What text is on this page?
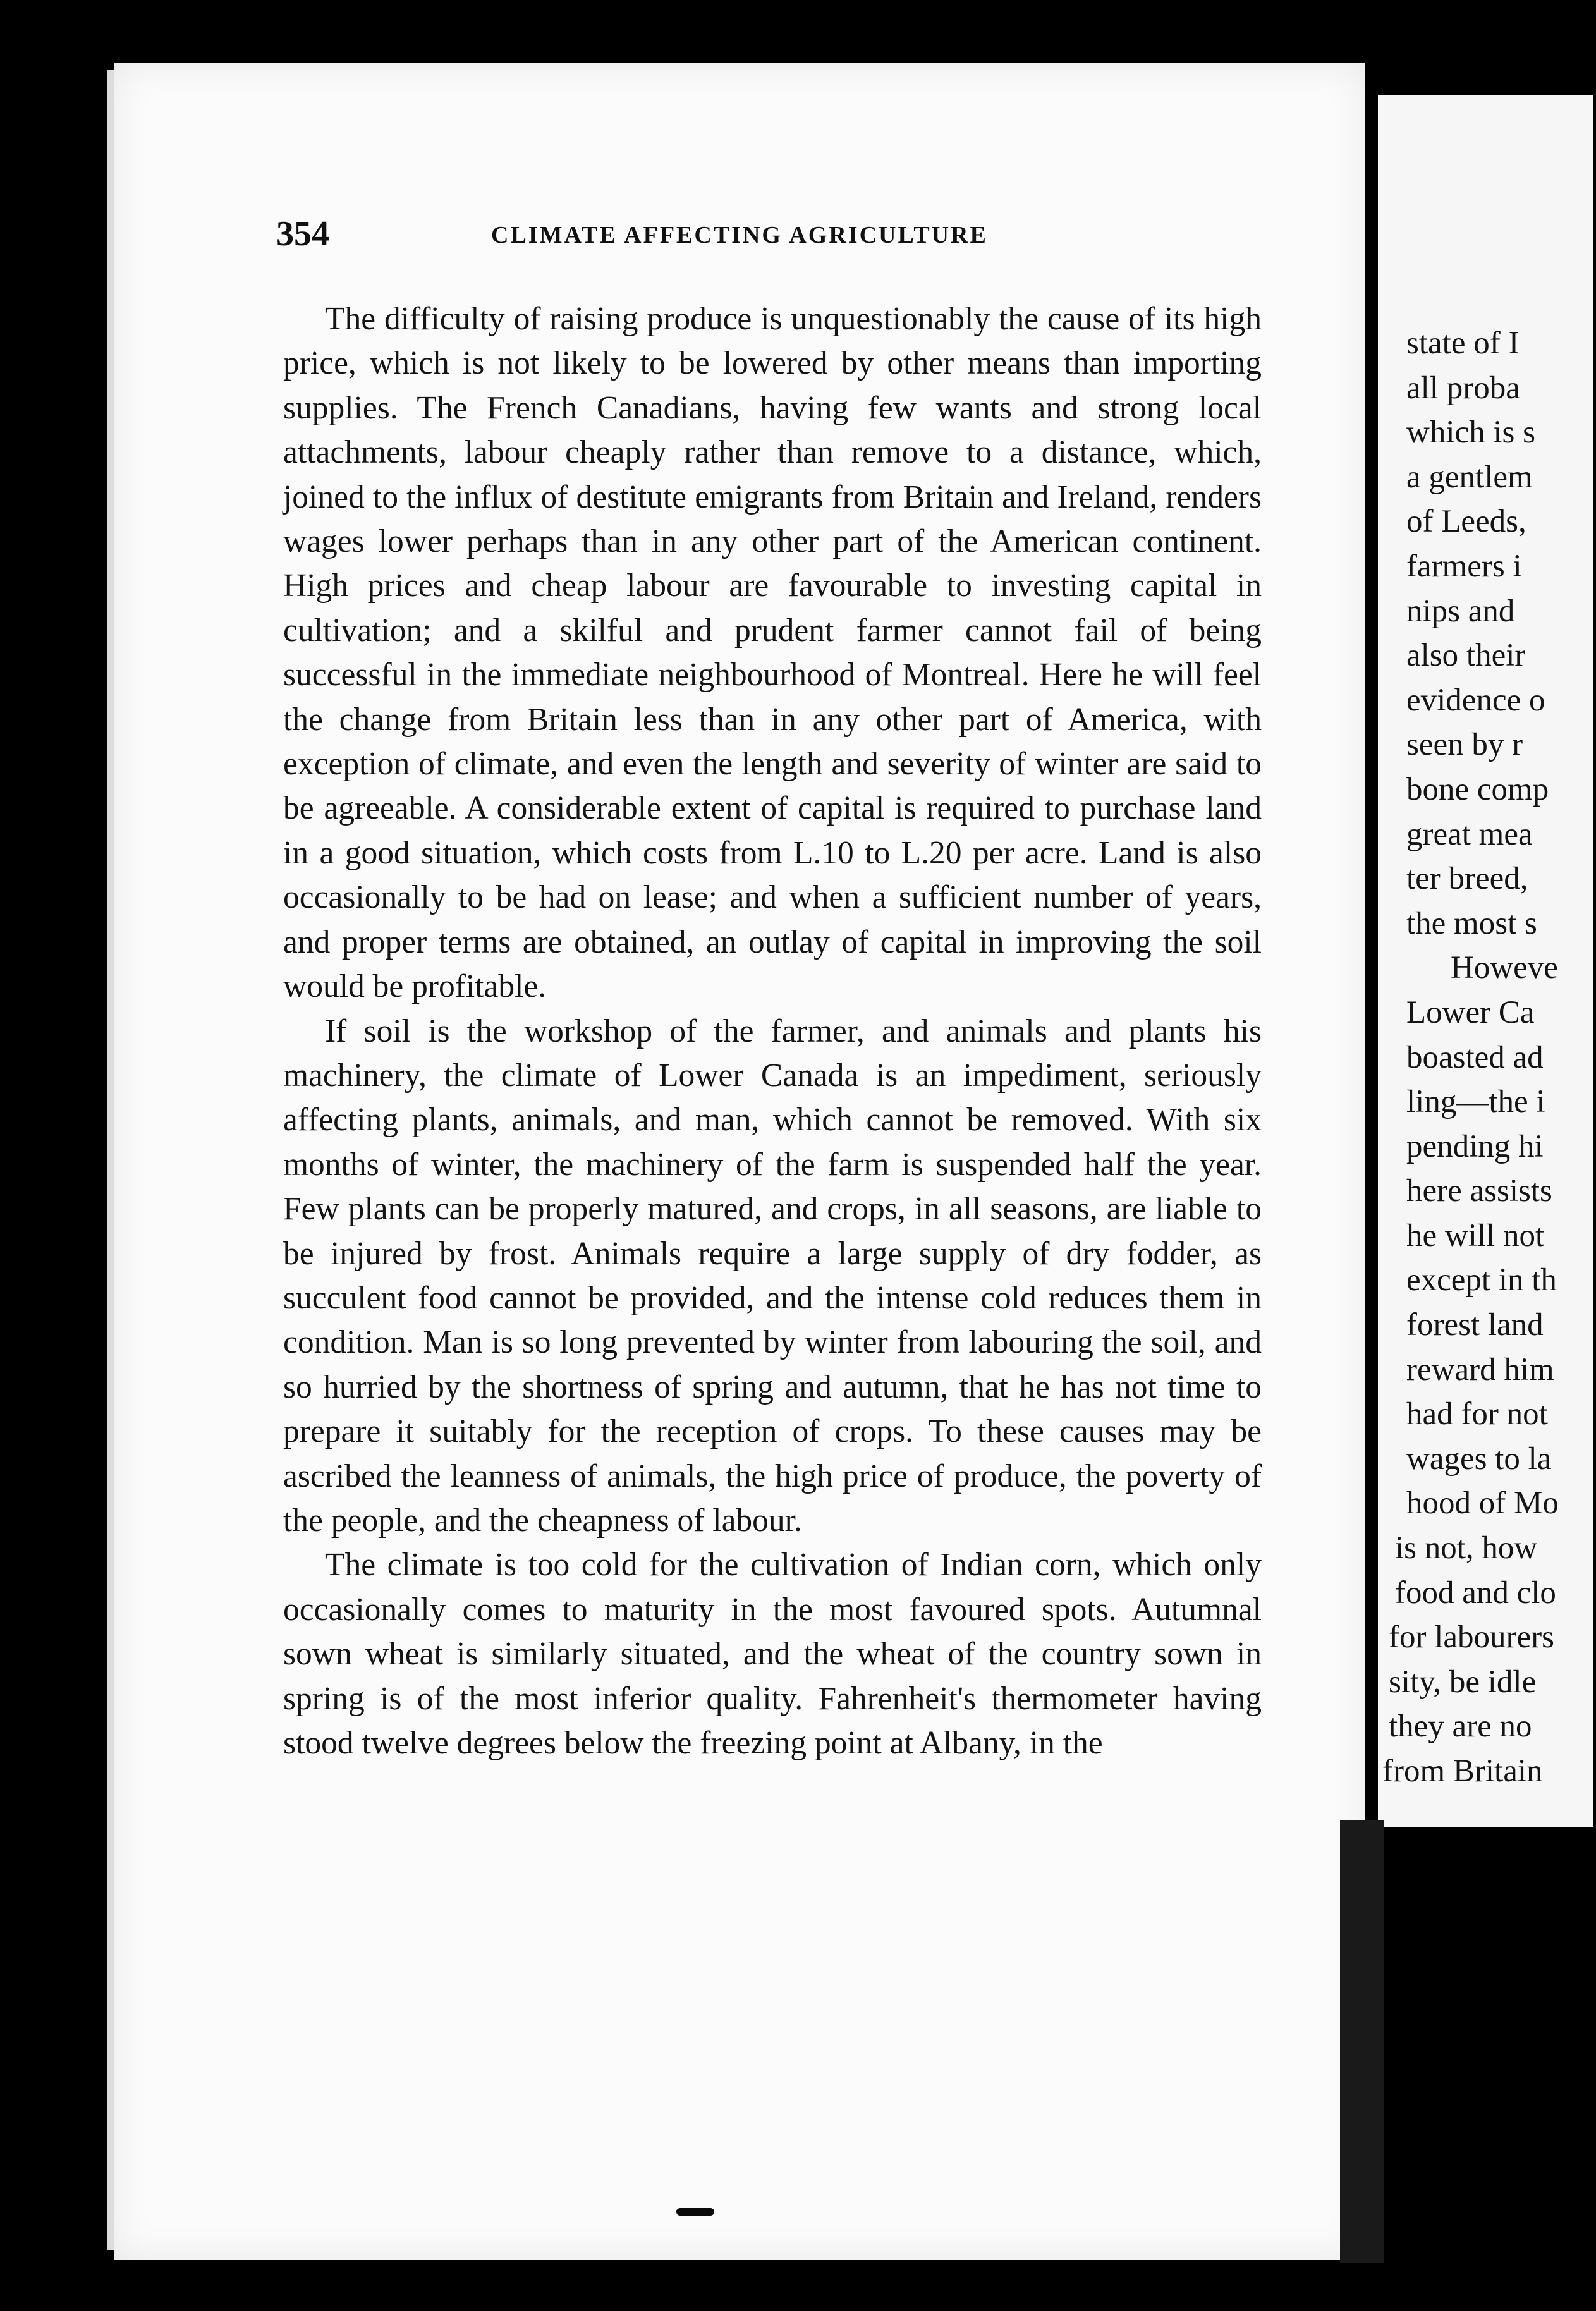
354	CLIMATE AFFECTING AGRICULTURE

The difficulty of raising produce is unquestionably the cause of its high price, which is not likely to be lowered by other means than importing supplies. The French Canadians, having few wants and strong local attachments, labour cheaply rather than remove to a distance, which, joined to the influx of destitute emigrants from Britain and Ireland, renders wages lower perhaps than in any other part of the American continent. High prices and cheap labour are favourable to investing capital in cultivation; and a skilful and prudent farmer cannot fail of being successful in the immediate neighbourhood of Montreal. Here he will feel the change from Britain less than in any other part of America, with exception of climate, and even the length and severity of winter are said to be agreeable. A considerable extent of capital is required to purchase land in a good situation, which costs from L.10 to L.20 per acre. Land is also occasionally to be had on lease; and when a sufficient number of years, and proper terms are obtained, an outlay of capital in improving the soil would be profitable.

If soil is the workshop of the farmer, and animals and plants his machinery, the climate of Lower Canada is an impediment, seriously affecting plants, animals, and man, which cannot be removed. With six months of winter, the machinery of the farm is suspended half the year. Few plants can be properly matured, and crops, in all seasons, are liable to be injured by frost. Animals require a large supply of dry fodder, as succulent food cannot be provided, and the intense cold reduces them in condition. Man is so long prevented by winter from labouring the soil, and so hurried by the shortness of spring and autumn, that he has not time to prepare it suitably for the reception of crops. To these causes may be ascribed the leanness of animals, the high price of produce, the poverty of the people, and the cheapness of labour.

The climate is too cold for the cultivation of Indian corn, which only occasionally comes to maturity in the most favoured spots. Autumnal sown wheat is similarly situated, and the wheat of the country sown in spring is of the most inferior quality. Fahrenheit's thermometer having stood twelve degrees below the freezing point at Albany, in the

state of I
all proba
which is s
a gentlem
of Leeds,
farmers i
nips and
also their
evidence o
seen by r
bone comp
great mea
ter breed,
the most s
Howeve
Lower Ca
boasted ad
ling—the i
pending hi
here assists
he will not
except in th
forest land
reward him
had for not
wages to la
hood of Mo
is not, how
food and clo
for labourers
sity, be idle
they are no
from Britain
